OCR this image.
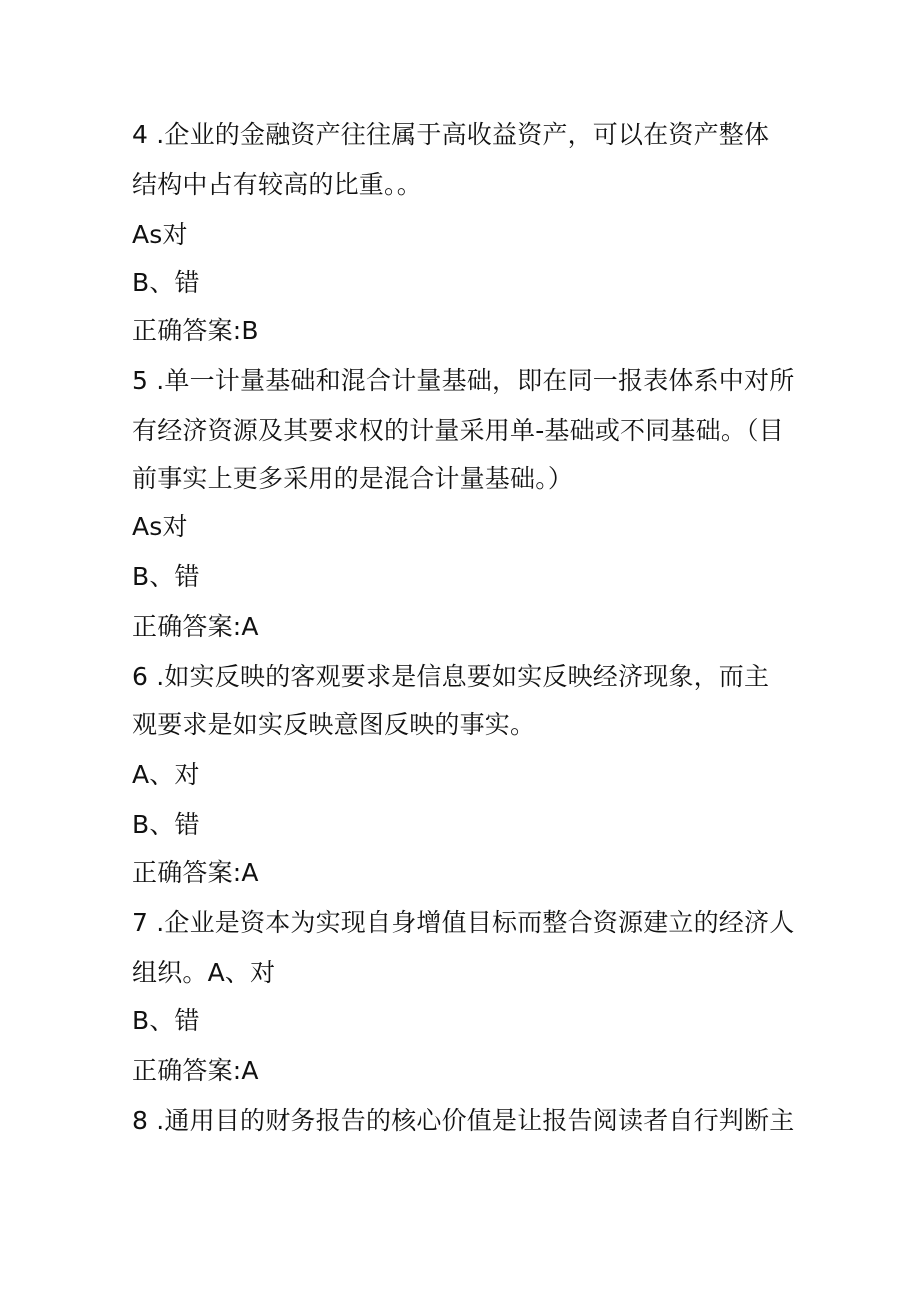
4 .企业的金融资产往往属于高收益资产，可以在资产整体
结构中占有较高的比重。。
As对
B、错
正确答案:B
5 .单一计量基础和混合计量基础，即在同一报表体系中对所
有经济资源及其要求权的计量采用单-基础或不同基础。（目
前事实上更多采用的是混合计量基础。）
As对
B、错
正确答案:A
6 .如实反映的客观要求是信息要如实反映经济现象，而主
观要求是如实反映意图反映的事实。
A、对
B、错
正确答案:A
7 .企业是资本为实现自身增值目标而整合资源建立的经济人
组织。A、对
B、错
正确答案:A
8 .通用目的财务报告的核心价值是让报告阅读者自行判断主
